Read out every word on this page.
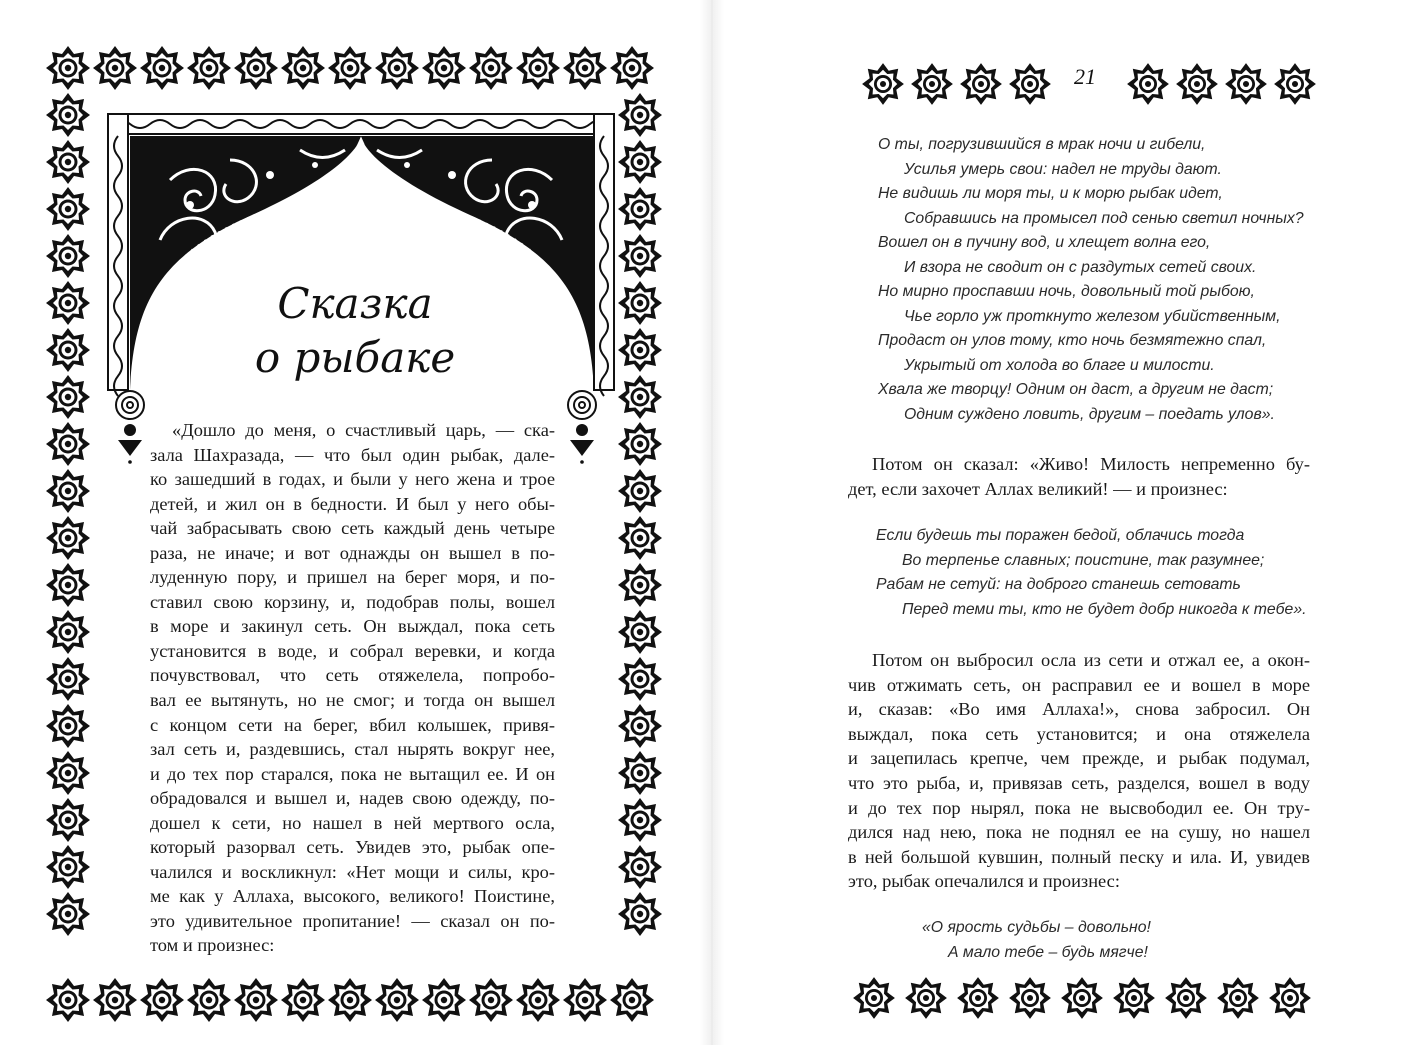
Сказка
о рыбаке

«Дошло до меня, о счастливый царь, — ска-
зала Шахразада, — что был один рыбак, дале-
ко зашедший в годах, и были у него жена и трое
детей, и жил он в бедности. И был у него обы-
чай забрасывать свою сеть каждый день четыре
раза, не иначе; и вот однажды он вышел в по-
луденную пору, и пришел на берег моря, и по-
ставил свою корзину, и, подобрав полы, вошел
в море и закинул сеть. Он выждал, пока сеть
установится в воде, и собрал веревки, и когда
почувствовал, что сеть отяжелела, попробо-
вал ее вытянуть, но не смог; и тогда он вышел
с концом сети на берег, вбил колышек, привя-
зал сеть и, раздевшись, стал нырять вокруг нее,
и до тех пор старался, пока не вытащил ее. И он
обрадовался и вышел и, надев свою одежду, по-
дошел к сети, но нашел в ней мертвого осла,
который разорвал сеть. Увидев это, рыбак опе-
чалился и воскликнул: «Нет мощи и силы, кро-
ме как у Аллаха, высокого, великого! Поистине,
это удивительное пропитание! — сказал он по-
том и произнес:

21
О ты, погрузившийся в мрак ночи и гибели,
Усилья умерь свои: надел не труды дают.
Не видишь ли моря ты, и к морю рыбак идет,
Собравшись на промысел под сенью светил ночных?
Вошел он в пучину вод, и хлещет волна его,
И взора не сводит он с раздутых сетей своих.
Но мирно проспавши ночь, довольный той рыбою,
Чье горло уж проткнуто железом убийственным,
Продаст он улов тому, кто ночь безмятежно спал,
Укрытый от холода во благе и милости.
Хвала же творцу! Одним он даст, а другим не даст;
Одним суждено ловить, другим – поедать улов».
Потом он сказал: «Живо! Милость непременно бу-
дет, если захочет Аллах великий! — и произнес:
Если будешь ты поражен бедой, облачись тогда
Во терпенье славных; поистине, так разумнее;
Рабам не сетуй: на доброго станешь сетовать
Перед теми ты, кто не будет добр никогда к тебе».
Потом он выбросил осла из сети и отжал ее, а окон-
чив отжимать сеть, он расправил ее и вошел в море
и, сказав: «Во имя Аллаха!», снова забросил. Он
выждал, пока сеть установится; и она отяжелела
и зацепилась крепче, чем прежде, и рыбак подумал,
что это рыба, и, привязав сеть, разделся, вошел в воду
и до тех пор нырял, пока не высвободил ее. Он тру-
дился над нею, пока не поднял ее на сушу, но нашел
в ней большой кувшин, полный песку и ила. И, увидев
это, рыбак опечалился и произнес:
«О ярость судьбы – довольно!
А мало тебе – будь мягче!
